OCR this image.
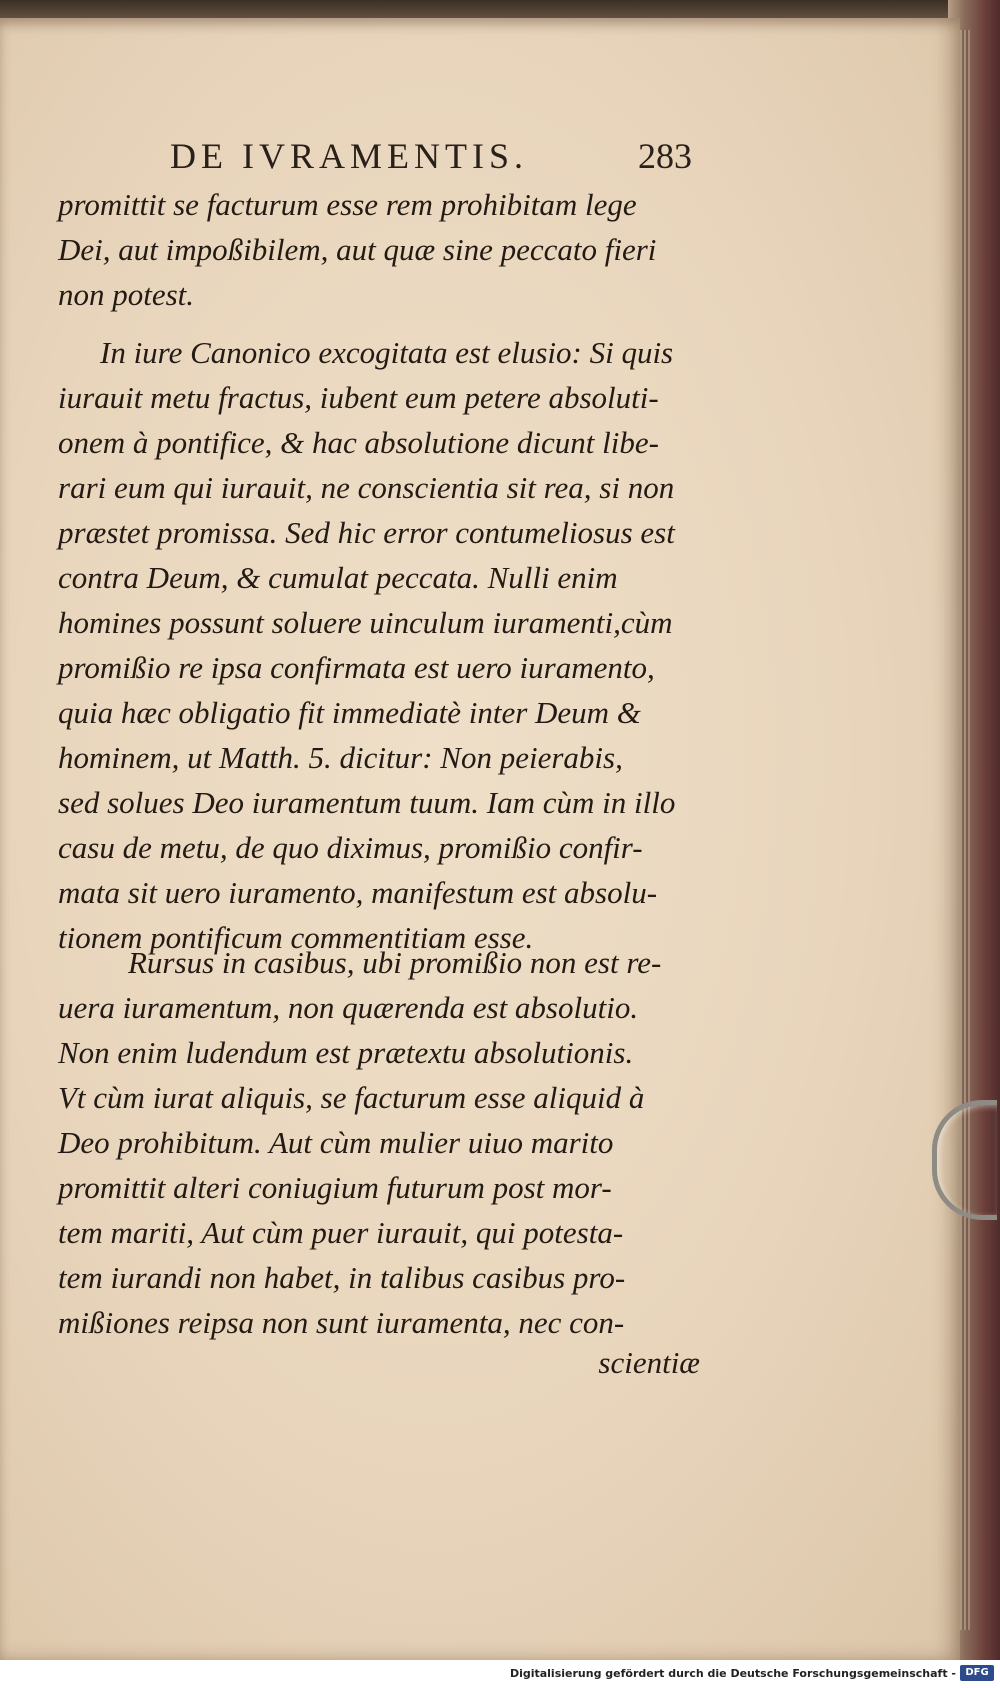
DE IVRAMENTIS.	283
promittit se facturum esse rem prohibitam lege
Dei, aut impoßibilem, aut quæ sine peccato fieri
non potest.
In iure Canonico excogitata est elusio: Si quis
iurauit metu fractus, iubent eum petere absoluti-
onem à pontifice, & hac absolutione dicunt libe-
rari eum qui iurauit, ne conscientia sit rea, si non
præstet promissa. Sed hic error contumeliosus est
contra Deum, & cumulat peccata. Nulli enim
homines possunt soluere uinculum iuramenti,cùm
promißio re ipsa confirmata est uero iuramento,
quia hæc obligatio fit immediatè inter Deum &
hominem, ut Matth. 5. dicitur: Non peierabis,
sed solues Deo iuramentum tuum. Iam cùm in illo
casu de metu, de quo diximus, promißio confir-
mata sit uero iuramento, manifestum est absolu-
tionem pontificum commentitiam esse.
Rursus in casibus, ubi promißio non est re-
uera iuramentum, non quærenda est absolutio.
Non enim ludendum est prætextu absolutionis.
Vt cùm iurat aliquis, se facturum esse aliquid à
Deo prohibitum. Aut cùm mulier uiuo marito
promittit alteri coniugium futurum post mor-
tem mariti, Aut cùm puer iurauit, qui potesta-
tem iurandi non habet, in talibus casibus pro-
mißiones reipsa non sunt iuramenta, nec con-
scientiæ
Digitalisierung gefördert durch die Deutsche Forschungsgemeinschaft - DFG
